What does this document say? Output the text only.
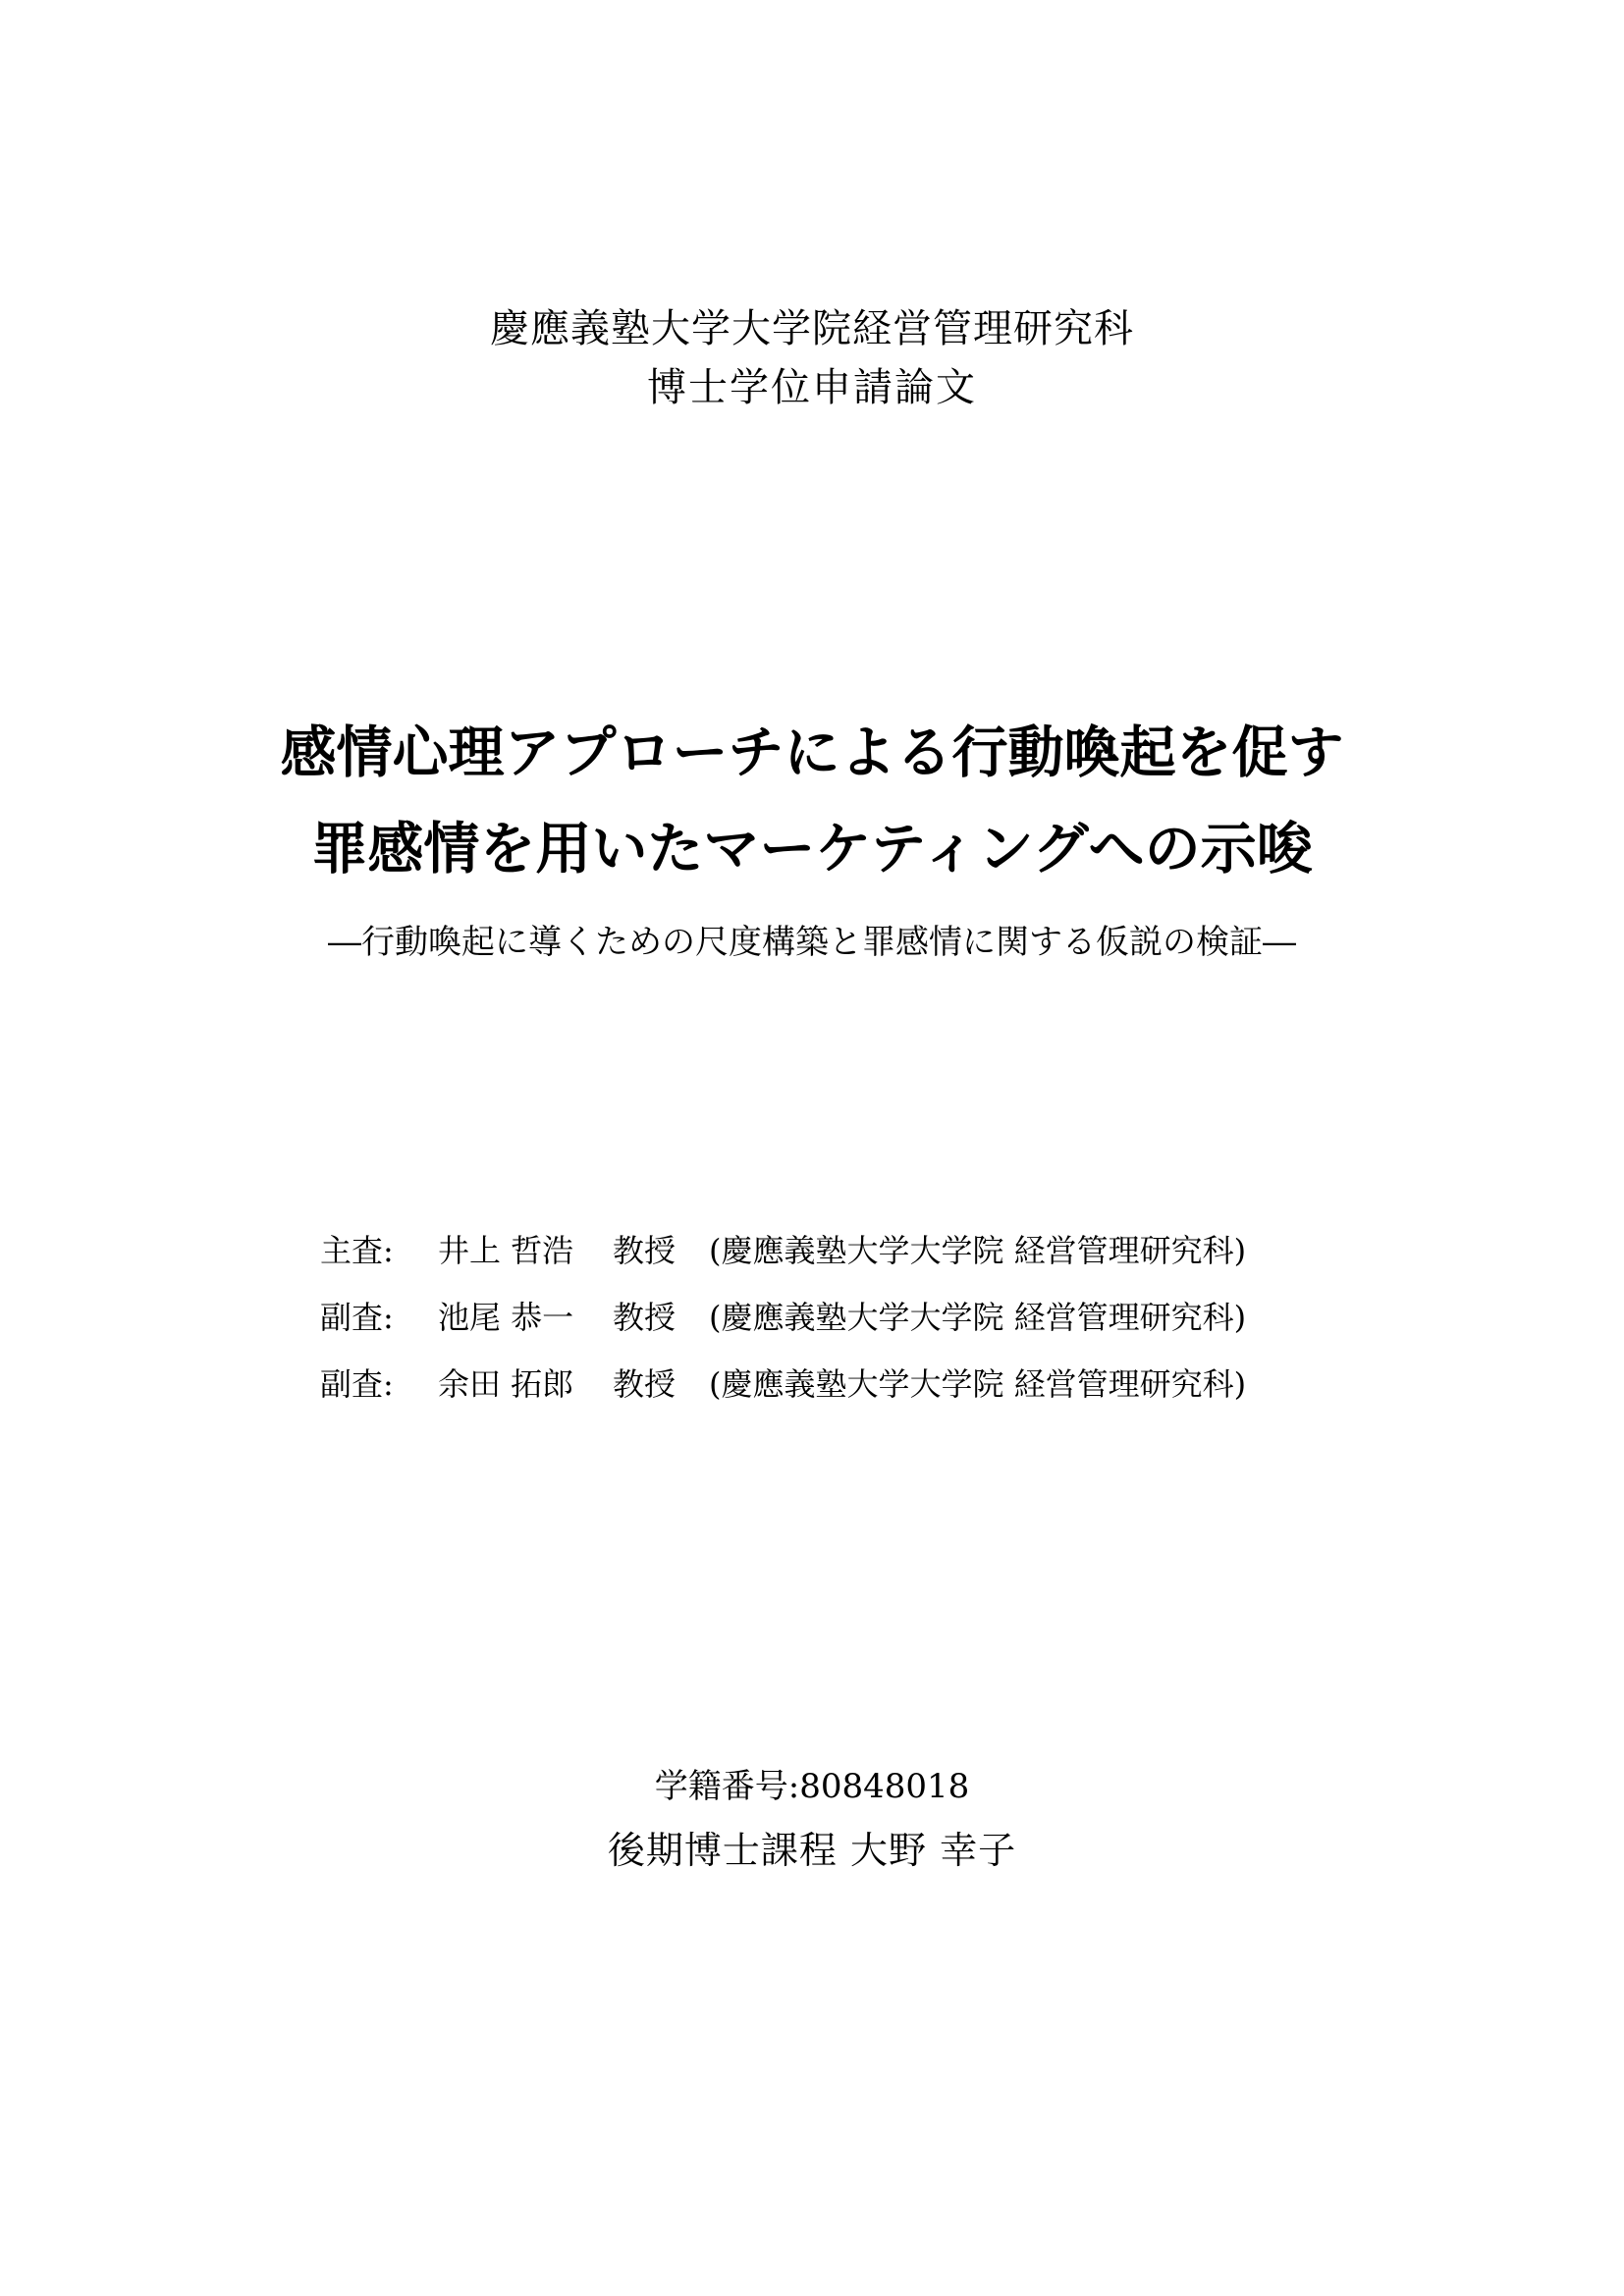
慶應義塾大学大学院経営管理研究科
博士学位申請論文
感情心理アプローチによる行動喚起を促す
罪感情を用いたマーケティングへの示唆
―行動喚起に導くための尺度構築と罪感情に関する仮説の検証―
主査: 井上 哲浩 教授 (慶應義塾大学大学院 経営管理研究科)
副査: 池尾 恭一 教授 (慶應義塾大学大学院 経営管理研究科)
副査: 余田 拓郎 教授 (慶應義塾大学大学院 経営管理研究科)
学籍番号:80848018
後期博士課程 大野 幸子
